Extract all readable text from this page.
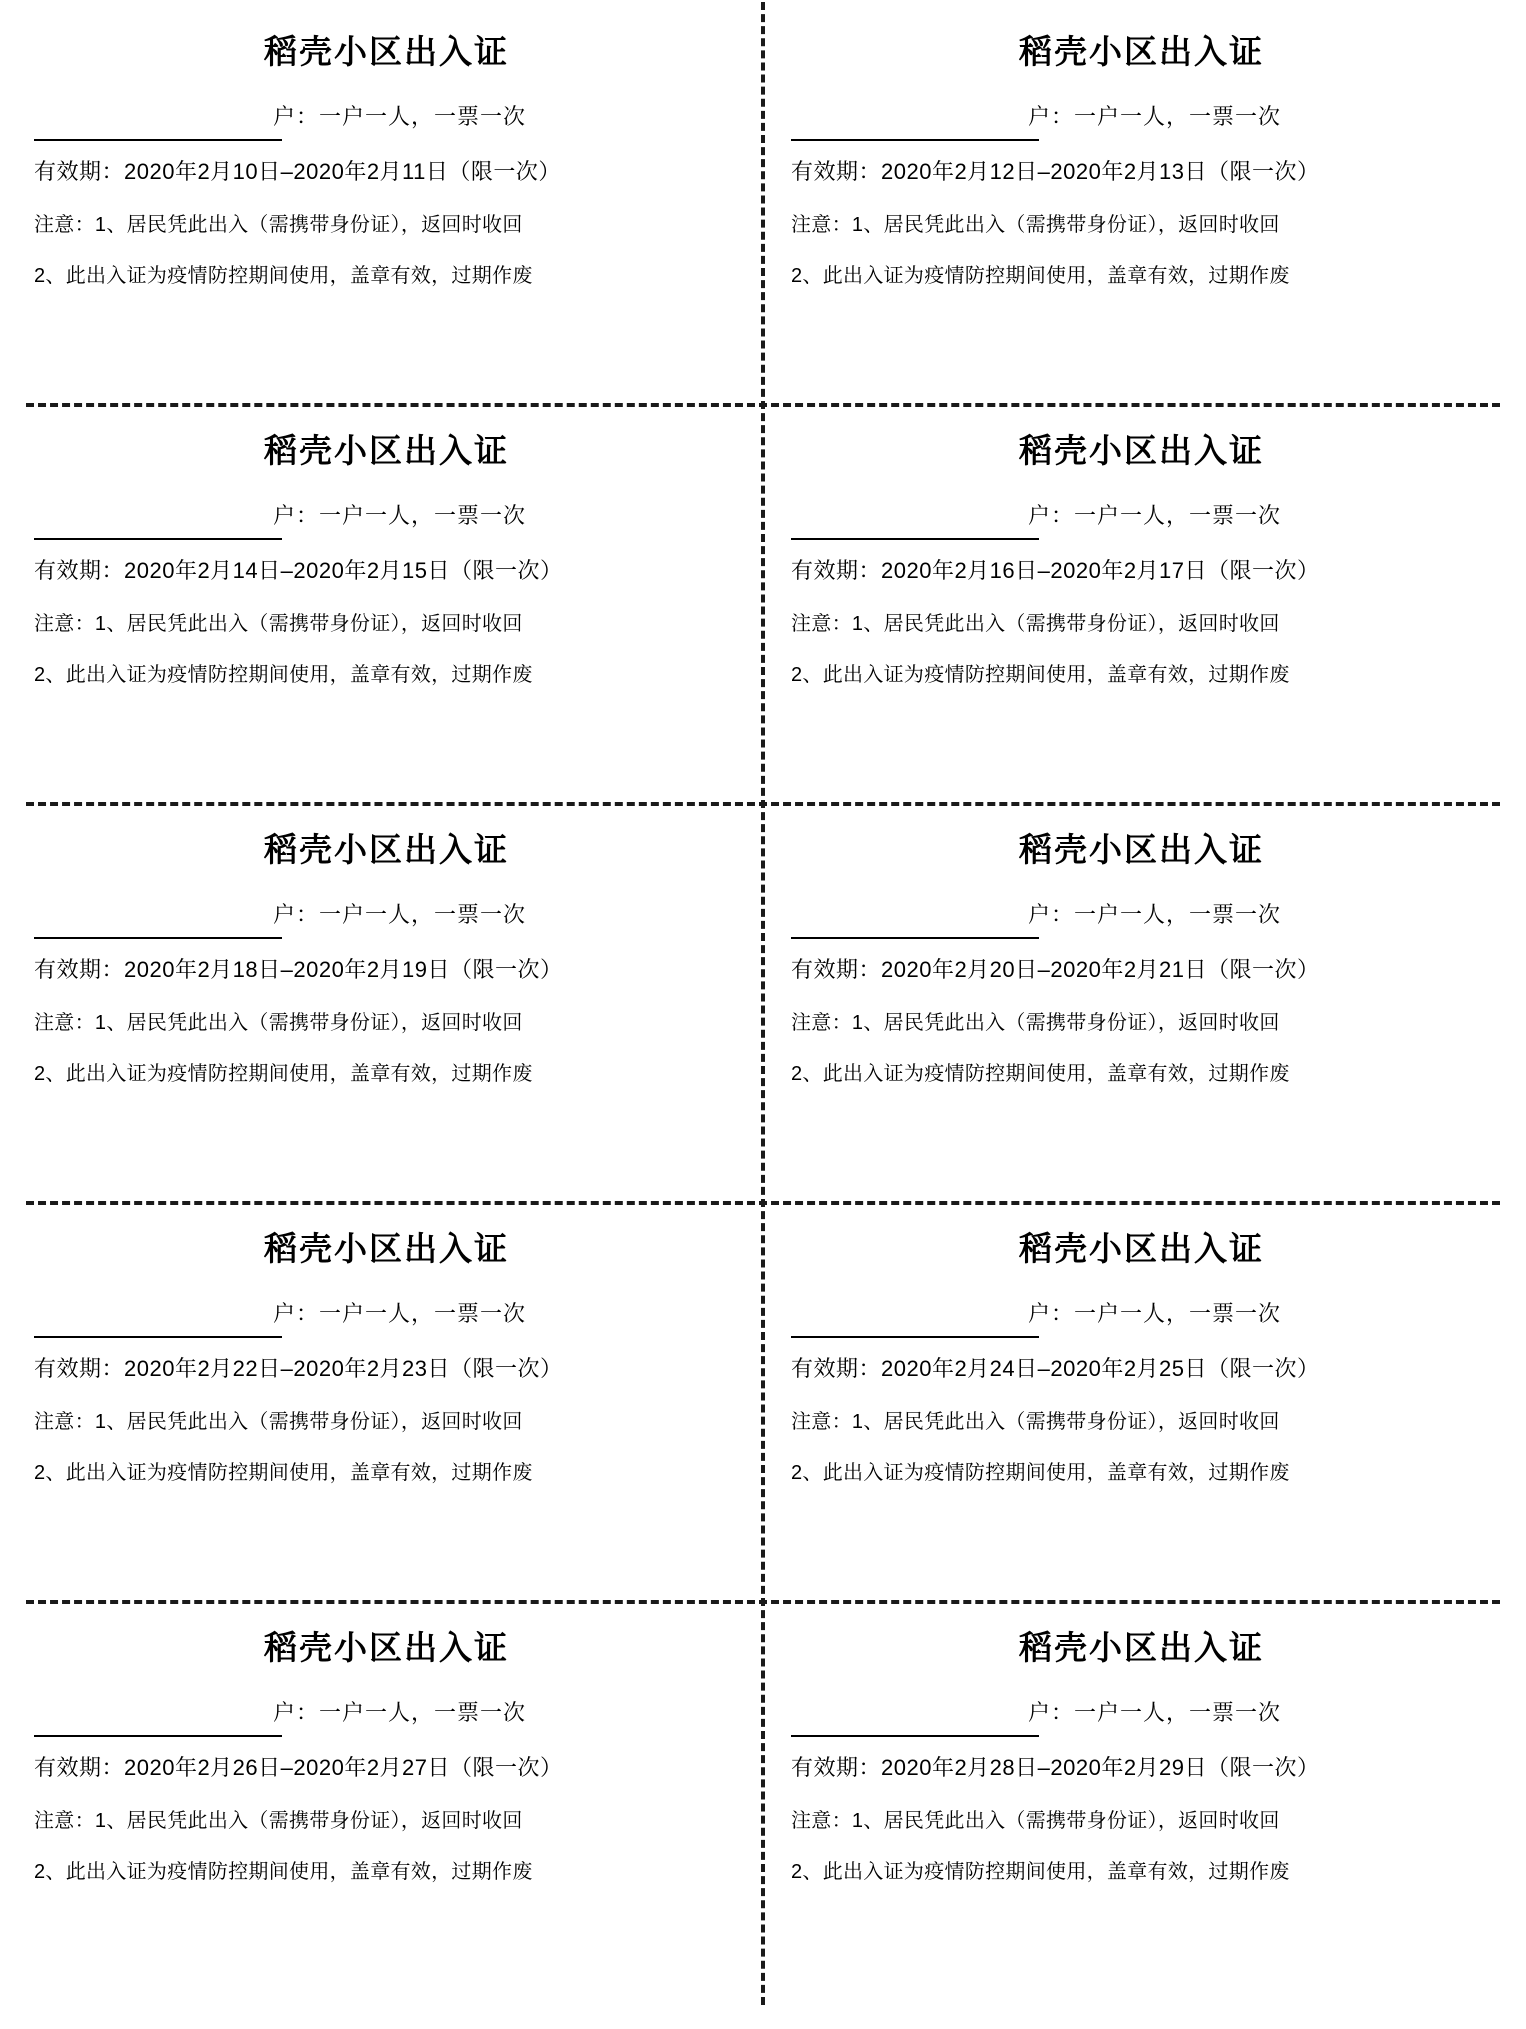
稻壳小区出入证
户：一户一人，一票一次
有效期：2020年2月10日–2020年2月11日（限一次）
注意：1、居民凭此出入（需携带身份证），返回时收回
2、此出入证为疫情防控期间使用，盖章有效，过期作废
稻壳小区出入证
户：一户一人，一票一次
有效期：2020年2月12日–2020年2月13日（限一次）
注意：1、居民凭此出入（需携带身份证），返回时收回
2、此出入证为疫情防控期间使用，盖章有效，过期作废
稻壳小区出入证
户：一户一人，一票一次
有效期：2020年2月14日–2020年2月15日（限一次）
注意：1、居民凭此出入（需携带身份证），返回时收回
2、此出入证为疫情防控期间使用，盖章有效，过期作废
稻壳小区出入证
户：一户一人，一票一次
有效期：2020年2月16日–2020年2月17日（限一次）
注意：1、居民凭此出入（需携带身份证），返回时收回
2、此出入证为疫情防控期间使用，盖章有效，过期作废
稻壳小区出入证
户：一户一人，一票一次
有效期：2020年2月18日–2020年2月19日（限一次）
注意：1、居民凭此出入（需携带身份证），返回时收回
2、此出入证为疫情防控期间使用，盖章有效，过期作废
稻壳小区出入证
户：一户一人，一票一次
有效期：2020年2月20日–2020年2月21日（限一次）
注意：1、居民凭此出入（需携带身份证），返回时收回
2、此出入证为疫情防控期间使用，盖章有效，过期作废
稻壳小区出入证
户：一户一人，一票一次
有效期：2020年2月22日–2020年2月23日（限一次）
注意：1、居民凭此出入（需携带身份证），返回时收回
2、此出入证为疫情防控期间使用，盖章有效，过期作废
稻壳小区出入证
户：一户一人，一票一次
有效期：2020年2月24日–2020年2月25日（限一次）
注意：1、居民凭此出入（需携带身份证），返回时收回
2、此出入证为疫情防控期间使用，盖章有效，过期作废
稻壳小区出入证
户：一户一人，一票一次
有效期：2020年2月26日–2020年2月27日（限一次）
注意：1、居民凭此出入（需携带身份证），返回时收回
2、此出入证为疫情防控期间使用，盖章有效，过期作废
稻壳小区出入证
户：一户一人，一票一次
有效期：2020年2月28日–2020年2月29日（限一次）
注意：1、居民凭此出入（需携带身份证），返回时收回
2、此出入证为疫情防控期间使用，盖章有效，过期作废
